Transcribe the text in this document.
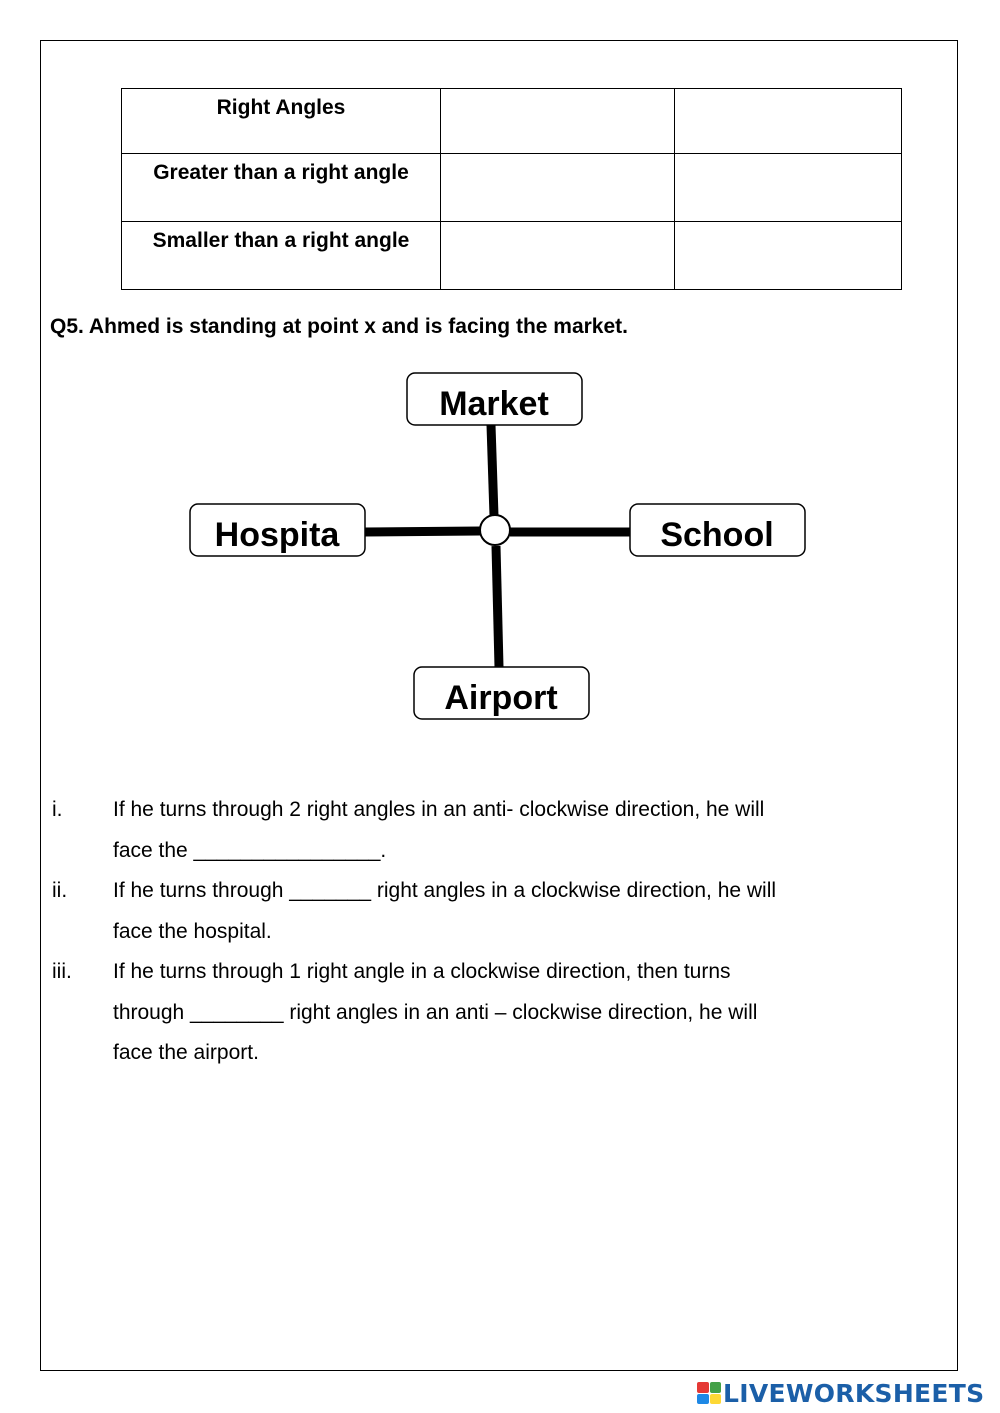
Right Angles		
Greater than a right angle		
Smaller than a right angle		
Q5. Ahmed is standing at point x and is facing the market.
Market
Hospita	School
Airport
i.	If he turns through 2 right angles in an anti- clockwise direction, he will
face the ________________.
ii.	If he turns through _______ right angles in a clockwise direction, he will
face the hospital.
iii.	If he turns through 1 right angle in a clockwise direction, then turns
through ________ right angles in an anti – clockwise direction, he will
face the airport.
LIVEWORKSHEETS
